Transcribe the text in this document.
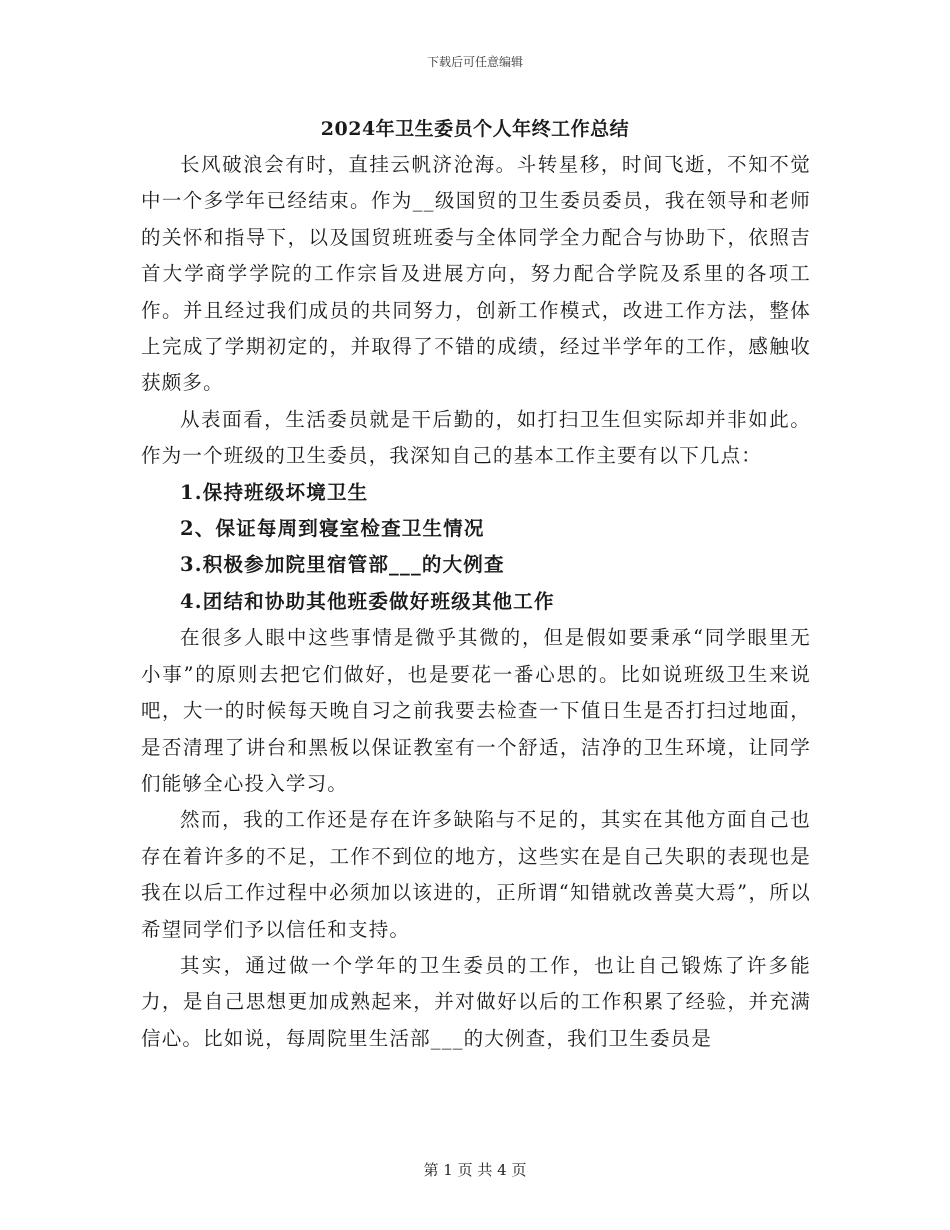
下载后可任意编辑
2024年卫生委员个人年终工作总结

长风破浪会有时，直挂云帆济沧海。斗转星移，时间飞逝，不知不觉中一个多学年已经结束。作为__级国贸的卫生委员委员，我在领导和老师的关怀和指导下，以及国贸班班委与全体同学全力配合与协助下，依照吉首大学商学学院的工作宗旨及进展方向，努力配合学院及系里的各项工作。并且经过我们成员的共同努力，创新工作模式，改进工作方法，整体上完成了学期初定的，并取得了不错的成绩，经过半学年的工作，感触收获颇多。

从表面看，生活委员就是干后勤的，如打扫卫生但实际却并非如此。作为一个班级的卫生委员，我深知自己的基本工作主要有以下几点：

1.保持班级坏境卫生

2、保证每周到寝室检查卫生情况

3.积极参加院里宿管部___的大例查

4.团结和协助其他班委做好班级其他工作

在很多人眼中这些事情是微乎其微的，但是假如要秉承“同学眼里无小事”的原则去把它们做好，也是要花一番心思的。比如说班级卫生来说吧，大一的时候每天晚自习之前我要去检查一下值日生是否打扫过地面，是否清理了讲台和黑板以保证教室有一个舒适，洁净的卫生环境，让同学们能够全心投入学习。

然而，我的工作还是存在许多缺陷与不足的，其实在其他方面自己也存在着许多的不足，工作不到位的地方，这些实在是自己失职的表现也是我在以后工作过程中必须加以该进的，正所谓“知错就改善莫大焉”，所以希望同学们予以信任和支持。

其实，通过做一个学年的卫生委员的工作，也让自己锻炼了许多能力，是自己思想更加成熟起来，并对做好以后的工作积累了经验，并充满信心。比如说，每周院里生活部___的大例查，我们卫生委员是

第 1 页 共 4 页
